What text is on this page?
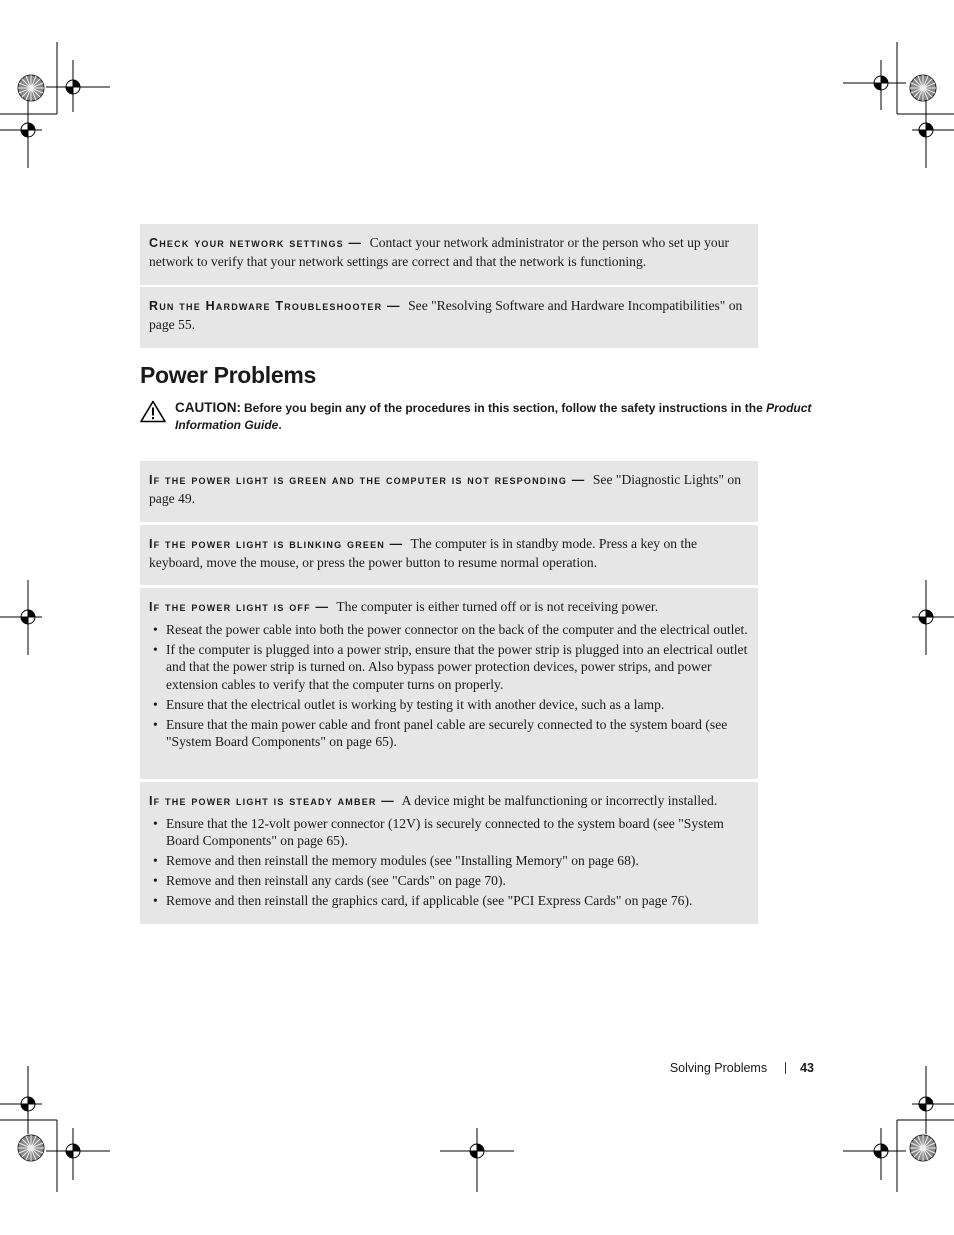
Check your network settings — Contact your network administrator or the person who set up your network to verify that your network settings are correct and that the network is functioning.
Run the Hardware Troubleshooter — See "Resolving Software and Hardware Incompatibilities" on page 55.
Power Problems
CAUTION: Before you begin any of the procedures in this section, follow the safety instructions in the Product Information Guide.
If the power light is green and the computer is not responding — See "Diagnostic Lights" on page 49.
If the power light is blinking green — The computer is in standby mode. Press a key on the keyboard, move the mouse, or press the power button to resume normal operation.
If the power light is off — The computer is either turned off or is not receiving power.
• Reseat the power cable into both the power connector on the back of the computer and the electrical outlet.
• If the computer is plugged into a power strip, ensure that the power strip is plugged into an electrical outlet and that the power strip is turned on. Also bypass power protection devices, power strips, and power extension cables to verify that the computer turns on properly.
• Ensure that the electrical outlet is working by testing it with another device, such as a lamp.
• Ensure that the main power cable and front panel cable are securely connected to the system board (see "System Board Components" on page 65).
If the power light is steady amber — A device might be malfunctioning or incorrectly installed.
• Ensure that the 12-volt power connector (12V) is securely connected to the system board (see "System Board Components" on page 65).
• Remove and then reinstall the memory modules (see "Installing Memory" on page 68).
• Remove and then reinstall any cards (see "Cards" on page 70).
• Remove and then reinstall the graphics card, if applicable (see "PCI Express Cards" on page 76).
Solving Problems	43
